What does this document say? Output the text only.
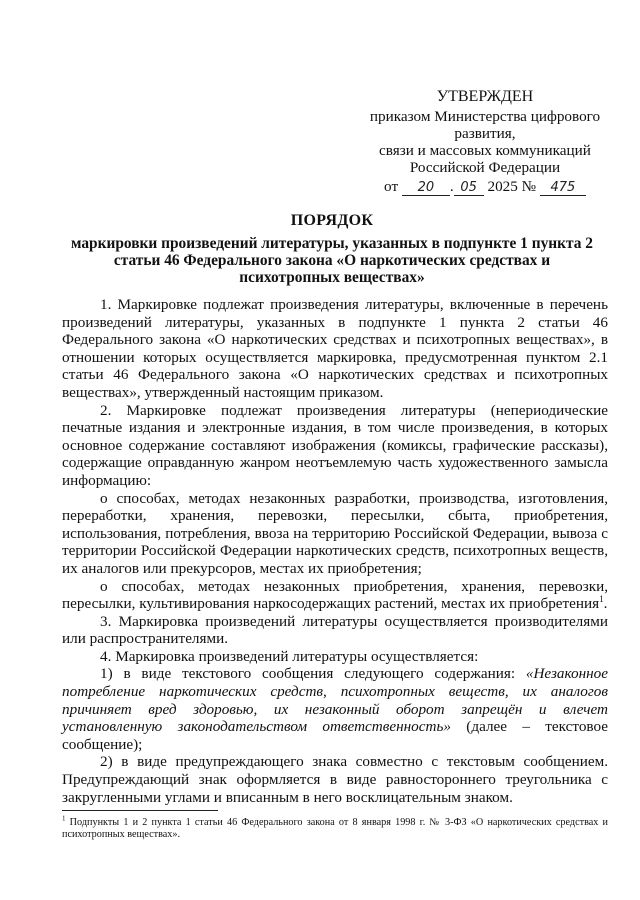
УТВЕРЖДЕН
приказом Министерства цифрового
развития,
связи и массовых коммуникаций
Российской Федерации
от 20 . 05 2025 № 475
ПОРЯДОК
маркировки произведений литературы, указанных в подпункте 1 пункта 2 статьи 46 Федерального закона «О наркотических средствах и психотропных веществах»

1. Маркировке подлежат произведения литературы, включенные в перечень произведений литературы, указанных в подпункте 1 пункта 2 статьи 46 Федерального закона «О наркотических средствах и психотропных веществах», в отношении которых осуществляется маркировка, предусмотренная пунктом 2.1 статьи 46 Федерального закона «О наркотических средствах и психотропных веществах», утвержденный настоящим приказом.

2. Маркировке подлежат произведения литературы (непериодические печатные издания и электронные издания, в том числе произведения, в которых основное содержание составляют изображения (комиксы, графические рассказы), содержащие оправданную жанром неотъемлемую часть художественного замысла информацию:

о способах, методах незаконных разработки, производства, изготовления, переработки, хранения, перевозки, пересылки, сбыта, приобретения, использования, потребления, ввоза на территорию Российской Федерации, вывоза с территории Российской Федерации наркотических средств, психотропных веществ, их аналогов или прекурсоров, местах их приобретения;

о способах, методах незаконных приобретения, хранения, перевозки, пересылки, культивирования наркосодержащих растений, местах их приобретения$^1$.

3. Маркировка произведений литературы осуществляется производителями или распространителями.

4. Маркировка произведений литературы осуществляется:

1) в виде текстового сообщения следующего содержания: «Незаконное потребление наркотических средств, психотропных веществ, их аналогов причиняет вред здоровью, их незаконный оборот запрещён и влечет установленную законодательством ответственность» (далее – текстовое сообщение);

2) в виде предупреждающего знака совместно с текстовым сообщением. Предупреждающий знак оформляется в виде равностороннего треугольника с закругленными углами и вписанным в него восклицательным знаком.

$^1$ Подпункты 1 и 2 пункта 1 статьи 46 Федерального закона от 8 января 1998 г. № 3-ФЗ «О наркотических средствах и психотропных веществах».
